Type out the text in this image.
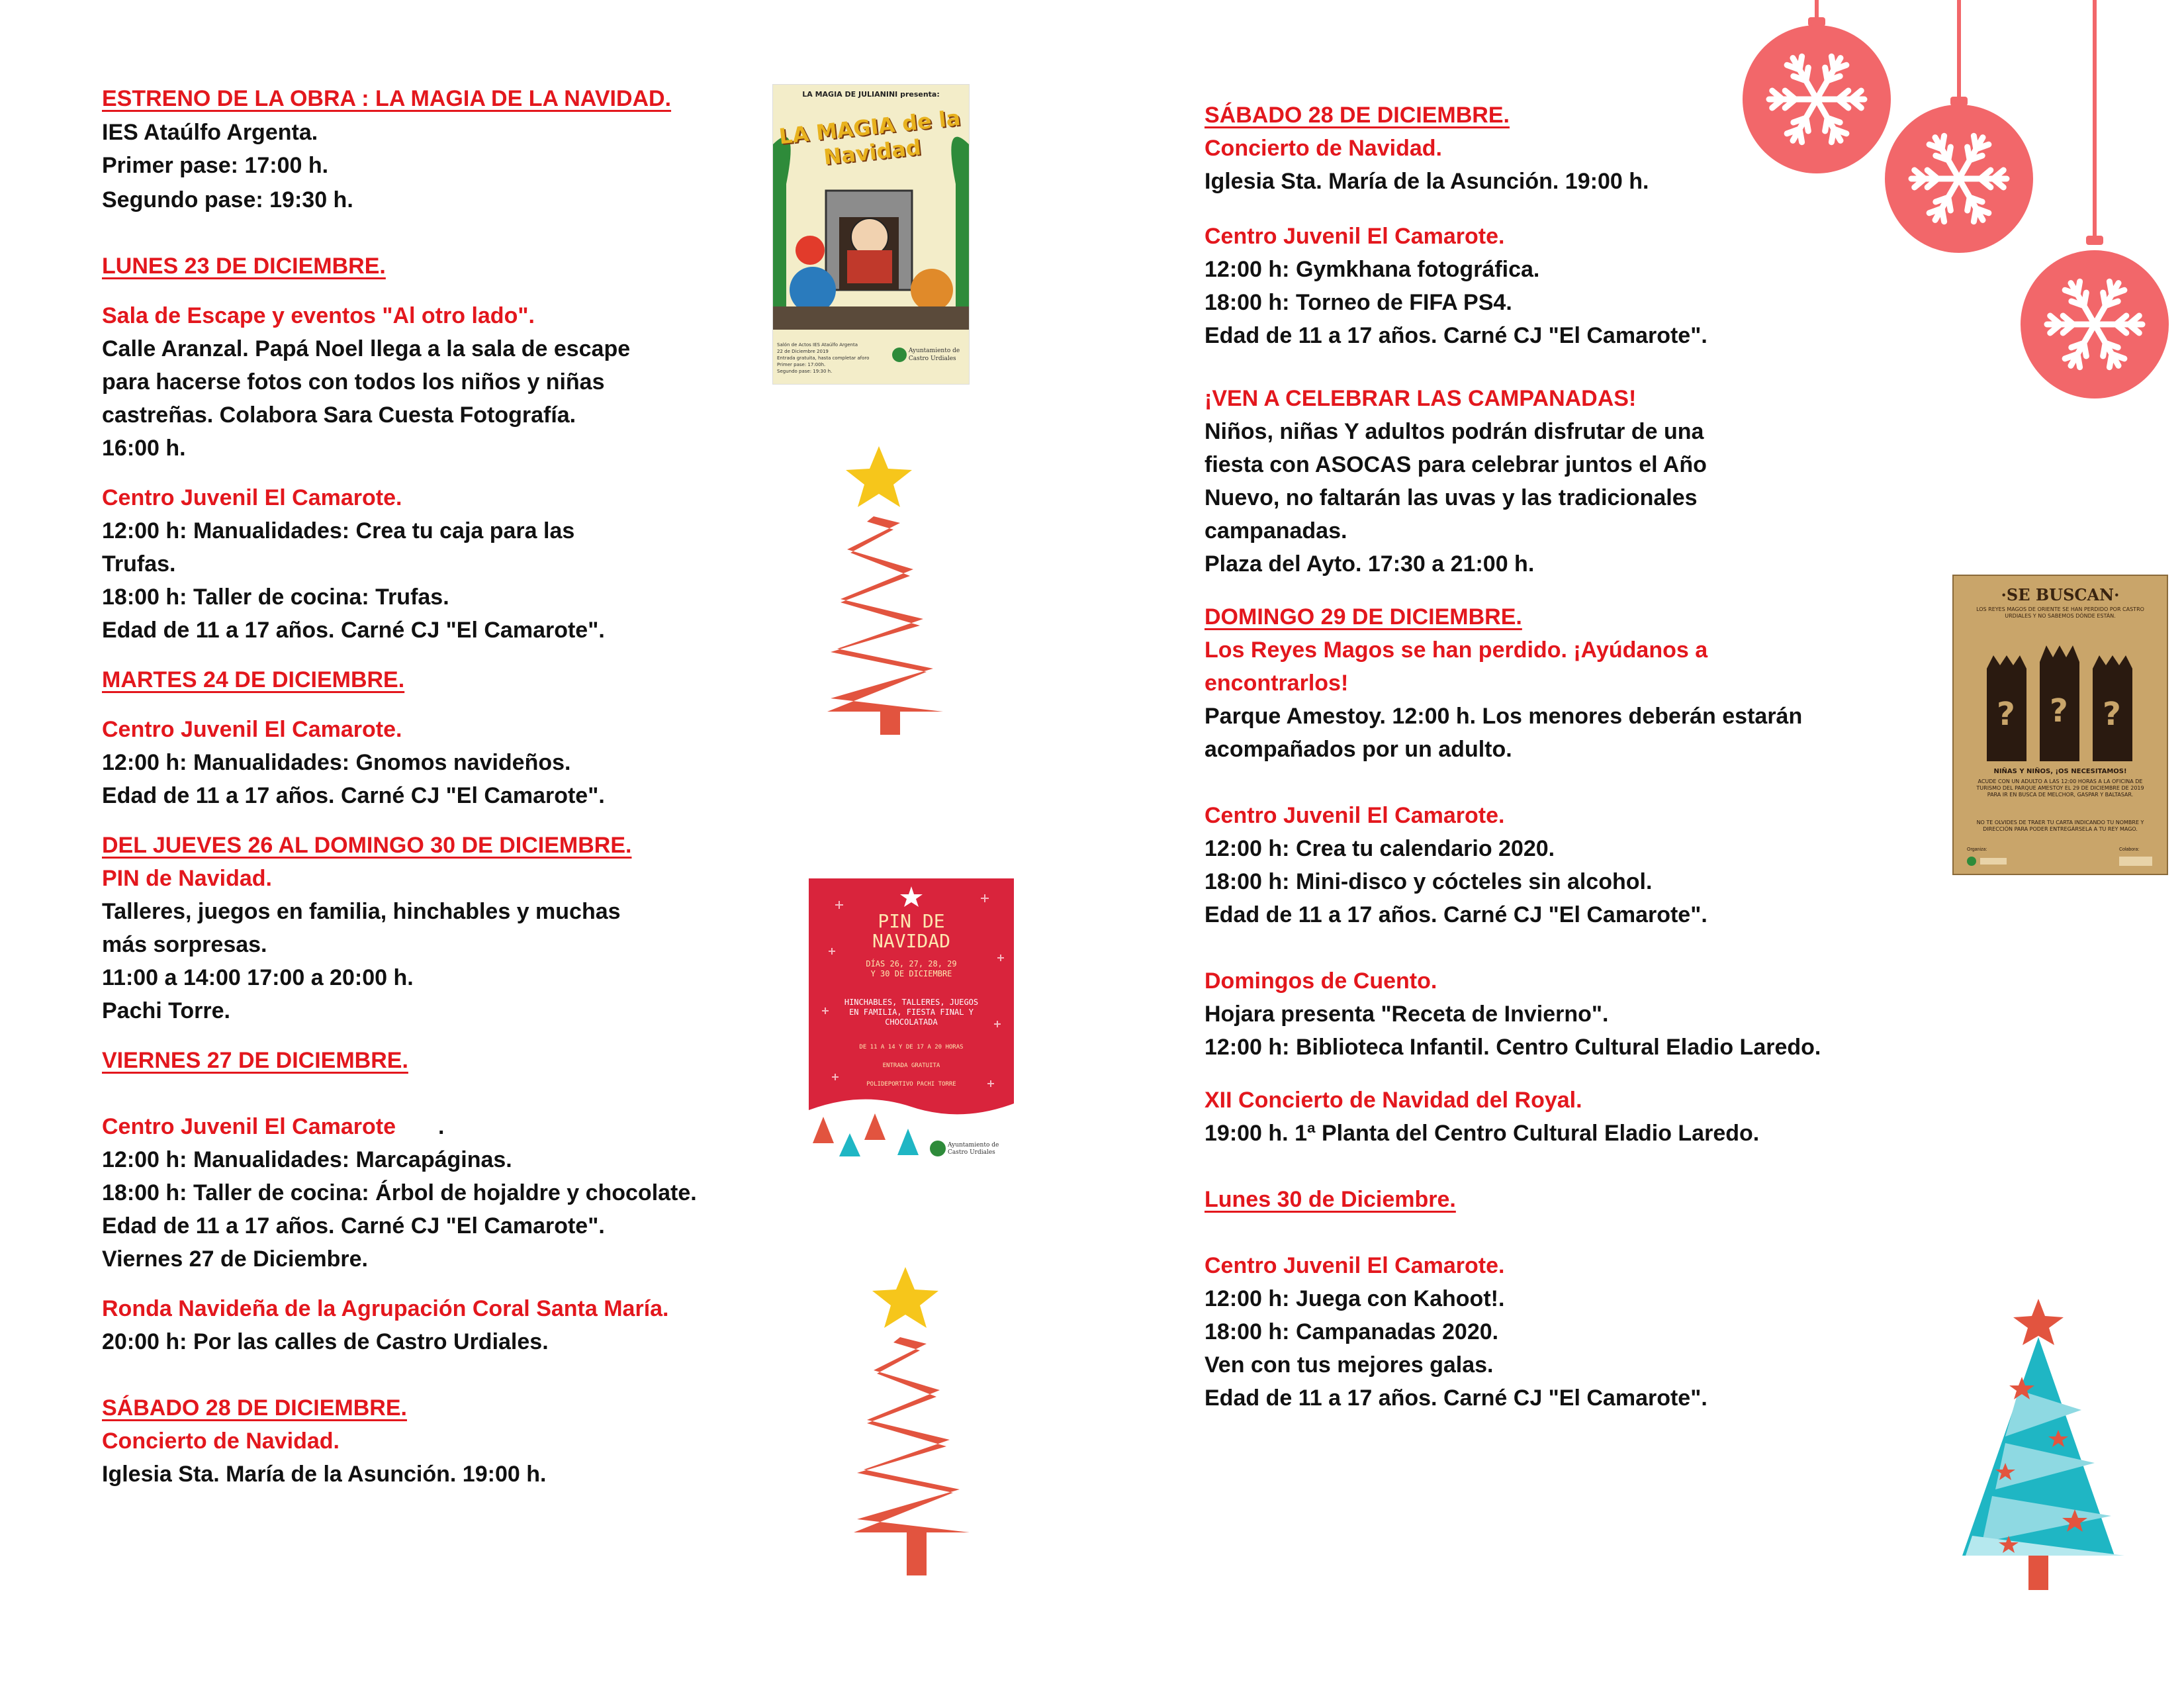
ESTRENO DE LA OBRA : LA MAGIA DE LA NAVIDAD.
IES Ataúlfo Argenta.
Primer pase: 17:00 h.
Segundo pase: 19:30 h.
LUNES 23 DE DICIEMBRE.
Sala de Escape y eventos "Al otro lado".
Calle Aranzal. Papá Noel llega a la sala de escape
para hacerse fotos con todos los niños y niñas
castreñas. Colabora Sara Cuesta Fotografía.
16:00 h.
Centro Juvenil El Camarote.
12:00 h: Manualidades: Crea tu caja para las
Trufas.
18:00 h: Taller de cocina: Trufas.
Edad de 11 a 17 años. Carné CJ "El Camarote".
MARTES 24 DE DICIEMBRE.
Centro Juvenil El Camarote.
12:00 h: Manualidades: Gnomos navideños.
Edad de 11 a 17 años. Carné CJ "El Camarote".
DEL JUEVES 26 AL DOMINGO 30 DE DICIEMBRE.
PIN de Navidad.
Talleres, juegos en familia, hinchables y muchas
más sorpresas.
11:00 a 14:00 17:00 a 20:00 h.
Pachi Torre.
VIERNES 27 DE DICIEMBRE.
Centro Juvenil El Camarote
12:00 h: Manualidades: Marcapáginas.
18:00 h: Taller de cocina: Árbol de hojaldre y chocolate.
Edad de 11 a 17 años. Carné CJ "El Camarote".
Viernes 27 de Diciembre.
Ronda Navideña de la Agrupación Coral Santa María.
20:00 h: Por las calles de Castro Urdiales.
SÁBADO 28 DE DICIEMBRE.
Concierto de Navidad.
Iglesia Sta. María de la Asunción. 19:00 h.
.
SÁBADO 28 DE DICIEMBRE.
Concierto de Navidad.
Iglesia Sta. María de la Asunción. 19:00 h.
Centro Juvenil El Camarote.
12:00 h: Gymkhana fotográfica.
18:00 h: Torneo de FIFA PS4.
Edad de 11 a 17 años. Carné CJ "El Camarote".
¡VEN A CELEBRAR LAS CAMPANADAS!
Niños, niñas Y adultos podrán disfrutar de una
fiesta con ASOCAS para celebrar juntos el Año
Nuevo, no faltarán las uvas y las tradicionales
campanadas.
Plaza del Ayto. 17:30 a 21:00 h.
DOMINGO 29 DE DICIEMBRE.
Los Reyes Magos se han perdido. ¡Ayúdanos a
encontrarlos!
Parque Amestoy. 12:00 h. Los menores deberán estarán
acompañados por un adulto.
Centro Juvenil El Camarote.
12:00 h: Crea tu calendario 2020.
18:00 h: Mini-disco y cócteles sin alcohol.
Edad de 11 a 17 años. Carné CJ "El Camarote".
Domingos de Cuento.
Hojara presenta "Receta de Invierno".
12:00 h: Biblioteca Infantil. Centro Cultural Eladio Laredo.
XII Concierto de Navidad del Royal.
19:00 h. 1ª Planta del Centro Cultural Eladio Laredo.
Lunes 30 de Diciembre.
Centro Juvenil El Camarote.
12:00 h: Juega con Kahoot!.
18:00 h: Campanadas 2020.
Ven con tus mejores galas.
Edad de 11 a 17 años. Carné CJ "El Camarote".
LA MAGIA DE JULIANINI presenta:
LA MAGIA de la Navidad
Salón de Actos IES Ataúlfo Argenta
22 de Diciembre 2019
Entrada gratuita, hasta completar aforo
Primer pase: 17:00h.
Segundo pase: 19:30 h.

Ayuntamiento de
Castro Urdiales
PIN DE NAVIDAD
DÍAS 26, 27, 28, 29 Y 30 DE DICIEMBRE
HINCHABLES, TALLERES, JUEGOS EN FAMILIA, FIESTA FINAL Y CHOCOLATADA
DE 11 A 14 Y DE 17 A 20 HORAS
ENTRADA GRATUITA
POLIDEPORTIVO PACHI TORRE
Ayuntamiento de
Castro Urdiales
·SE BUSCAN·
LOS REYES MAGOS DE ORIENTE SE HAN PERDIDO POR CASTRO URDIALES Y NO SABEMOS DÓNDE ESTÁN.
? ? ?
NIÑAS Y NIÑOS, ¡OS NECESITAMOS!
ACUDE CON UN ADULTO A LAS 12:00 HORAS A LA OFICINA DE TURISMO DEL PARQUE AMESTOY EL 29 DE DICIEMBRE DE 2019 PARA IR EN BUSCA DE MELCHOR, GASPAR Y BALTASAR.
NO TE OLVIDES DE TRAER TU CARTA INDICANDO TU NOMBRE Y DIRECCIÓN PARA PODER ENTREGÁRSELA A TU REY MAGO.
Organiza:	Colabora:
